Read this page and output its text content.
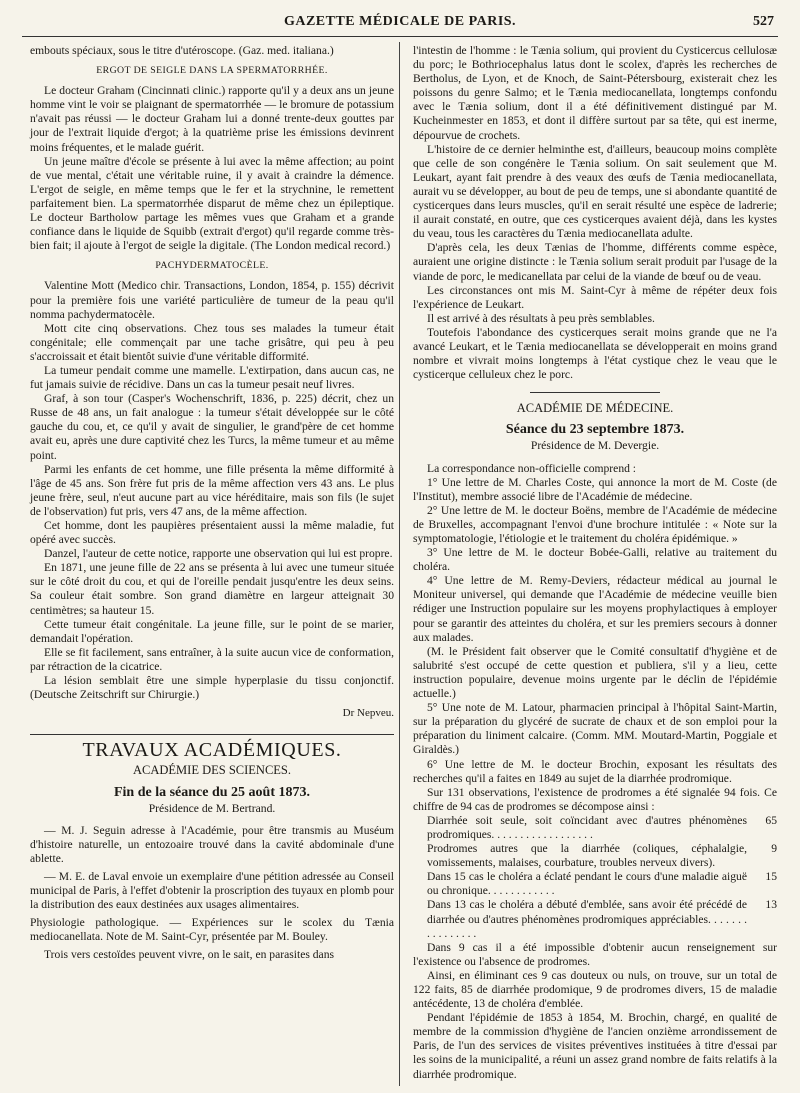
GAZETTE MÉDICALE DE PARIS.	527

embouts spéciaux, sous le titre d'utéroscope. (Gaz. med. italiana.)

ERGOT DE SEIGLE DANS LA SPERMATORRHÉE.

Le docteur Graham (Cincinnati clinic.) rapporte qu'il y a deux ans un jeune homme vint le voir se plaignant de spermatorrhée — le bromure de potassium n'avait pas réussi — le docteur Graham lui a donné trente-deux gouttes par jour de l'extrait liquide d'ergot; à la quatrième prise les émissions devinrent moins fréquentes, et le malade guérit.

Un jeune maître d'école se présente à lui avec la même affection; au point de vue mental, c'était une véritable ruine, il y avait à craindre la démence. L'ergot de seigle, en même temps que le fer et la strychnine, le remettent parfaitement bien. La spermatorrhée disparut de même chez un épileptique. Le docteur Bartholow partage les mêmes vues que Graham et a grande confiance dans le liquide de Squibb (extrait d'ergot) qu'il regarde comme très-bien fait; il ajoute à l'ergot de seigle la digitale. (The London medical record.)

PACHYDERMATOCÈLE.

Valentine Mott (Medico chir. Transactions, London, 1854, p. 155) décrivit pour la première fois une variété particulière de tumeur de la peau qu'il nomma pachydermatocèle.

Mott cite cinq observations. Chez tous ses malades la tumeur était congénitale; elle commençait par une tache grisâtre, qui peu à peu s'accroissait et était bientôt suivie d'une véritable difformité.

La tumeur pendait comme une mamelle. L'extirpation, dans aucun cas, ne fut jamais suivie de récidive. Dans un cas la tumeur pesait neuf livres.

Graf, à son tour (Casper's Wochenschrift, 1836, p. 225) décrit, chez un Russe de 48 ans, un fait analogue : la tumeur s'était développée sur le côté gauche du cou, et, ce qu'il y avait de singulier, le grand'père de cet homme avait eu, après une dure captivité chez les Turcs, la même tumeur et au même point.

Parmi les enfants de cet homme, une fille présenta la même difformité à l'âge de 45 ans. Son frère fut pris de la même affection vers 43 ans. Le plus jeune frère, seul, n'eut aucune part au vice héréditaire, mais son fils (le sujet de l'observation) fut pris, vers 47 ans, de la même affection.

Cet homme, dont les paupières présentaient aussi la même maladie, fut opéré avec succès.

Danzel, l'auteur de cette notice, rapporte une observation qui lui est propre.

En 1871, une jeune fille de 22 ans se présenta à lui avec une tumeur située sur le côté droit du cou, et qui de l'oreille pendait jusqu'entre les deux seins. Sa couleur était sombre. Son grand diamètre en largeur atteignait 30 centimètres; sa hauteur 15.

Cette tumeur était congénitale. La jeune fille, sur le point de se marier, demandait l'opération.

Elle se fit facilement, sans entraîner, à la suite aucun vice de conformation, par rétraction de la cicatrice.

La lésion semblait être une simple hyperplasie du tissu conjonctif. (Deutsche Zeitschrift sur Chirurgie.)

Dr Nepveu.
TRAVAUX ACADÉMIQUES.
ACADÉMIE DES SCIENCES.
Fin de la séance du 25 août 1873.
Présidence de M. Bertrand.

— M. J. Seguin adresse à l'Académie, pour être transmis au Muséum d'histoire naturelle, un entozoaire trouvé dans la cavité abdominale d'une ablette.

— M. E. de Laval envoie un exemplaire d'une pétition adressée au Conseil municipal de Paris, à l'effet d'obtenir la proscription des tuyaux en plomb pour la distribution des eaux destinées aux usages alimentaires.

Physiologie pathologique. — Expériences sur le scolex du Tænia mediocanellata. Note de M. Saint-Cyr, présentée par M. Bouley.

Trois vers cestoïdes peuvent vivre, on le sait, en parasites dans

l'intestin de l'homme : le Tænia solium, qui provient du Cysticercus cellulosæ du porc; le Bothriocephalus latus dont le scolex, d'après les recherches de Bertholus, de Lyon, et de Knoch, de Saint-Pétersbourg, existerait chez les poissons du genre Salmo; et le Tænia mediocanellata, longtemps confondu avec le Tænia solium, dont il a été définitivement distingué par M. Kucheinmester en 1853, et dont il diffère surtout par sa tête, qui est inerme, dépourvue de crochets.

L'histoire de ce dernier helminthe est, d'ailleurs, beaucoup moins complète que celle de son congénère le Tænia solium. On sait seulement que M. Leukart, ayant fait prendre à des veaux des œufs de Tænia mediocanellata, aurait vu se développer, au bout de peu de temps, une si abondante quantité de cysticerques dans leurs muscles, qu'il en serait résulté une espèce de ladrerie; il aurait constaté, en outre, que ces cysticerques avaient déjà, dans les kystes du veau, tous les caractères du Tænia mediocanellata adulte.

D'après cela, les deux Tænias de l'homme, différents comme espèce, auraient une origine distincte : le Tænia solium serait produit par l'usage de la viande de porc, le medicanellata par celui de la viande de bœuf ou de veau.

Les circonstances ont mis M. Saint-Cyr à même de répéter deux fois l'expérience de Leukart.

Il est arrivé à des résultats à peu près semblables.

Toutefois l'abondance des cysticerques serait moins grande que ne l'a avancé Leukart, et le Tænia mediocanellata se développerait en moins grand nombre et vivrait moins longtemps à l'état cystique chez le veau que le cysticerque celluleux chez le porc.

ACADÉMIE DE MÉDECINE.
Séance du 23 septembre 1873.
Présidence de M. Devergie.

La correspondance non-officielle comprend :

1° Une lettre de M. Charles Coste, qui annonce la mort de M. Coste (de l'Institut), membre associé libre de l'Académie de médecine.

2° Une lettre de M. le docteur Boëns, membre de l'Académie de médecine de Bruxelles, accompagnant l'envoi d'une brochure intitulée : « Note sur la symptomatologie, l'étiologie et le traitement du choléra épidémique. »

3° Une lettre de M. le docteur Bobée-Galli, relative au traitement du choléra.

4° Une lettre de M. Remy-Deviers, rédacteur médical au journal le Moniteur universel, qui demande que l'Académie de médecine veuille bien rédiger une Instruction populaire sur les moyens prophylactiques à employer pour se garantir des atteintes du choléra, et sur les premiers secours à donner aux malades.

(M. le Président fait observer que le Comité consultatif d'hygiène et de salubrité s'est occupé de cette question et publiera, s'il y a lieu, cette instruction populaire, devenue moins urgente par le déclin de l'épidémie actuelle.)

5° Une note de M. Latour, pharmacien principal à l'hôpital Saint-Martin, sur la préparation du glycéré de sucrate de chaux et de son emploi pour la préparation du liniment calcaire. (Comm. MM. Moutard-Martin, Poggiale et Giraldès.)

6° Une lettre de M. le docteur Brochin, exposant les résultats des recherches qu'il a faites en 1849 au sujet de la diarrhée prodromique.

Sur 131 observations, l'existence de prodromes a été signalée 94 fois. Ce chiffre de 94 cas de prodromes se décompose ainsi :

Diarrhée soit seule, soit coïncidant avec d'autres phénomènes prodromiques. . . . . . . . . . . . . . . . . .
65
Prodromes autres que la diarrhée (coliques, céphalalgie, vomissements, malaises, courbature, troubles nerveux divers).
9
Dans 15 cas le choléra a éclaté pendant le cours d'une maladie aiguë ou chronique. . . . . . . . . . . .
15
Dans 13 cas le choléra a débuté d'emblée, sans avoir été précédé de diarrhée ou d'autres phénomènes prodromiques appréciables. . . . . . . . . . . . . . . .
13

Dans 9 cas il a été impossible d'obtenir aucun renseignement sur l'existence ou l'absence de prodromes.

Ainsi, en éliminant ces 9 cas douteux ou nuls, on trouve, sur un total de 122 faits, 85 de diarrhée prodomique, 9 de prodromes divers, 15 de maladie antécédente, 13 de choléra d'emblée.

Pendant l'épidémie de 1853 à 1854, M. Brochin, chargé, en qualité de membre de la commission d'hygiène de l'ancien onzième arrondissement de Paris, de l'un des services de visites préventives instituées à titre d'essai par les soins de la municipalité, a réuni un assez grand nombre de faits relatifs à la diarrhée prodromique.
